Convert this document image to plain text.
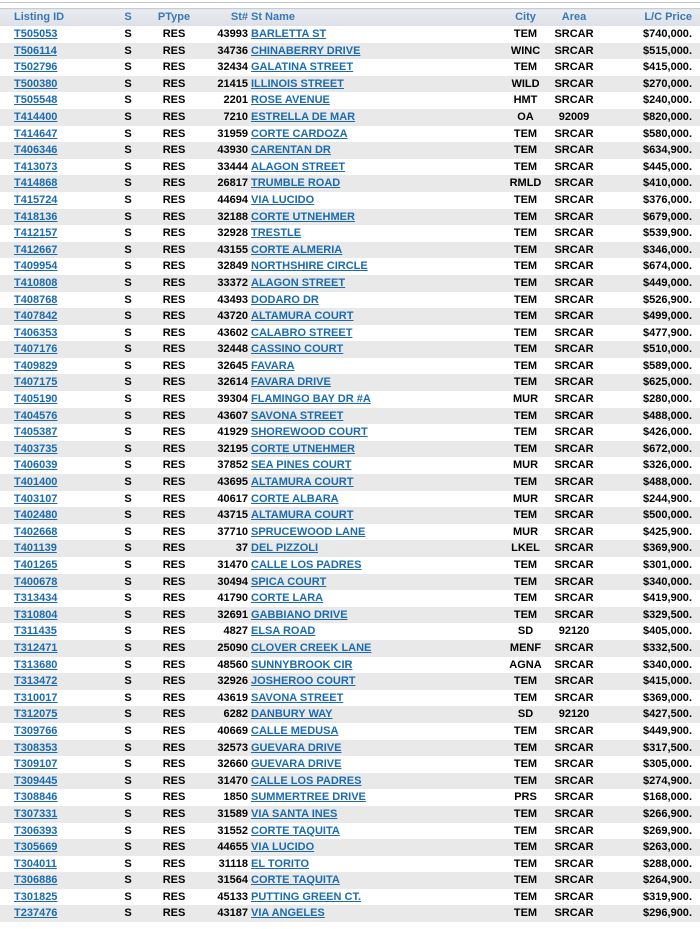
Listing ID	S	PType	St#	St Name	City	Area	L/C Price
T505053	S	RES	43993	BARLETTA ST	TEM	SRCAR	$740,000.
T506114	S	RES	34736	CHINABERRY DRIVE	WINC	SRCAR	$515,000.
T502796	S	RES	32434	GALATINA STREET	TEM	SRCAR	$415,000.
T500380	S	RES	21415	ILLINOIS STREET	WILD	SRCAR	$270,000.
T505548	S	RES	2201	ROSE AVENUE	HMT	SRCAR	$240,000.
T414400	S	RES	7210	ESTRELLA DE MAR	OA	92009	$820,000.
T414647	S	RES	31959	CORTE CARDOZA	TEM	SRCAR	$580,000.
T406346	S	RES	43930	CARENTAN DR	TEM	SRCAR	$634,900.
T413073	S	RES	33444	ALAGON STREET	TEM	SRCAR	$445,000.
T414868	S	RES	26817	TRUMBLE ROAD	RMLD	SRCAR	$410,000.
T415724	S	RES	44694	VIA LUCIDO	TEM	SRCAR	$376,000.
T418136	S	RES	32188	CORTE UTNEHMER	TEM	SRCAR	$679,000.
T412157	S	RES	32928	TRESTLE	TEM	SRCAR	$539,900.
T412667	S	RES	43155	CORTE ALMERIA	TEM	SRCAR	$346,000.
T409954	S	RES	32849	NORTHSHIRE CIRCLE	TEM	SRCAR	$674,000.
T410808	S	RES	33372	ALAGON STREET	TEM	SRCAR	$449,000.
T408768	S	RES	43493	DODARO DR	TEM	SRCAR	$526,900.
T407842	S	RES	43720	ALTAMURA COURT	TEM	SRCAR	$499,000.
T406353	S	RES	43602	CALABRO STREET	TEM	SRCAR	$477,900.
T407176	S	RES	32448	CASSINO COURT	TEM	SRCAR	$510,000.
T409829	S	RES	32645	FAVARA	TEM	SRCAR	$589,000.
T407175	S	RES	32614	FAVARA DRIVE	TEM	SRCAR	$625,000.
T405190	S	RES	39304	FLAMINGO BAY DR #A	MUR	SRCAR	$280,000.
T404576	S	RES	43607	SAVONA STREET	TEM	SRCAR	$488,000.
T405387	S	RES	41929	SHOREWOOD COURT	TEM	SRCAR	$426,000.
T403735	S	RES	32195	CORTE UTNEHMER	TEM	SRCAR	$672,000.
T406039	S	RES	37852	SEA PINES COURT	MUR	SRCAR	$326,000.
T401400	S	RES	43695	ALTAMURA COURT	TEM	SRCAR	$488,000.
T403107	S	RES	40617	CORTE ALBARA	MUR	SRCAR	$244,900.
T402480	S	RES	43715	ALTAMURA COURT	TEM	SRCAR	$500,000.
T402668	S	RES	37710	SPRUCEWOOD LANE	MUR	SRCAR	$425,900.
T401139	S	RES	37	DEL PIZZOLI	LKEL	SRCAR	$369,900.
T401265	S	RES	31470	CALLE LOS PADRES	TEM	SRCAR	$301,000.
T400678	S	RES	30494	SPICA COURT	TEM	SRCAR	$340,000.
T313434	S	RES	41790	CORTE LARA	TEM	SRCAR	$419,900.
T310804	S	RES	32691	GABBIANO DRIVE	TEM	SRCAR	$329,500.
T311435	S	RES	4827	ELSA ROAD	SD	92120	$405,000.
T312471	S	RES	25090	CLOVER CREEK LANE	MENF	SRCAR	$332,500.
T313680	S	RES	48560	SUNNYBROOK CIR	AGNA	SRCAR	$340,000.
T313472	S	RES	32926	JOSHEROO COURT	TEM	SRCAR	$415,000.
T310017	S	RES	43619	SAVONA STREET	TEM	SRCAR	$369,000.
T312075	S	RES	6282	DANBURY WAY	SD	92120	$427,500.
T309766	S	RES	40669	CALLE MEDUSA	TEM	SRCAR	$449,900.
T308353	S	RES	32573	GUEVARA DRIVE	TEM	SRCAR	$317,500.
T309107	S	RES	32660	GUEVARA DRIVE	TEM	SRCAR	$305,000.
T309445	S	RES	31470	CALLE LOS PADRES	TEM	SRCAR	$274,900.
T308846	S	RES	1850	SUMMERTREE DRIVE	PRS	SRCAR	$168,000.
T307331	S	RES	31589	VIA SANTA INES	TEM	SRCAR	$266,900.
T306393	S	RES	31552	CORTE TAQUITA	TEM	SRCAR	$269,900.
T305669	S	RES	44655	VIA LUCIDO	TEM	SRCAR	$263,000.
T304011	S	RES	31118	EL TORITO	TEM	SRCAR	$288,000.
T306886	S	RES	31564	CORTE TAQUITA	TEM	SRCAR	$264,900.
T301825	S	RES	45133	PUTTING GREEN CT.	TEM	SRCAR	$319,900.
T237476	S	RES	43187	VIA ANGELES	TEM	SRCAR	$296,900.
